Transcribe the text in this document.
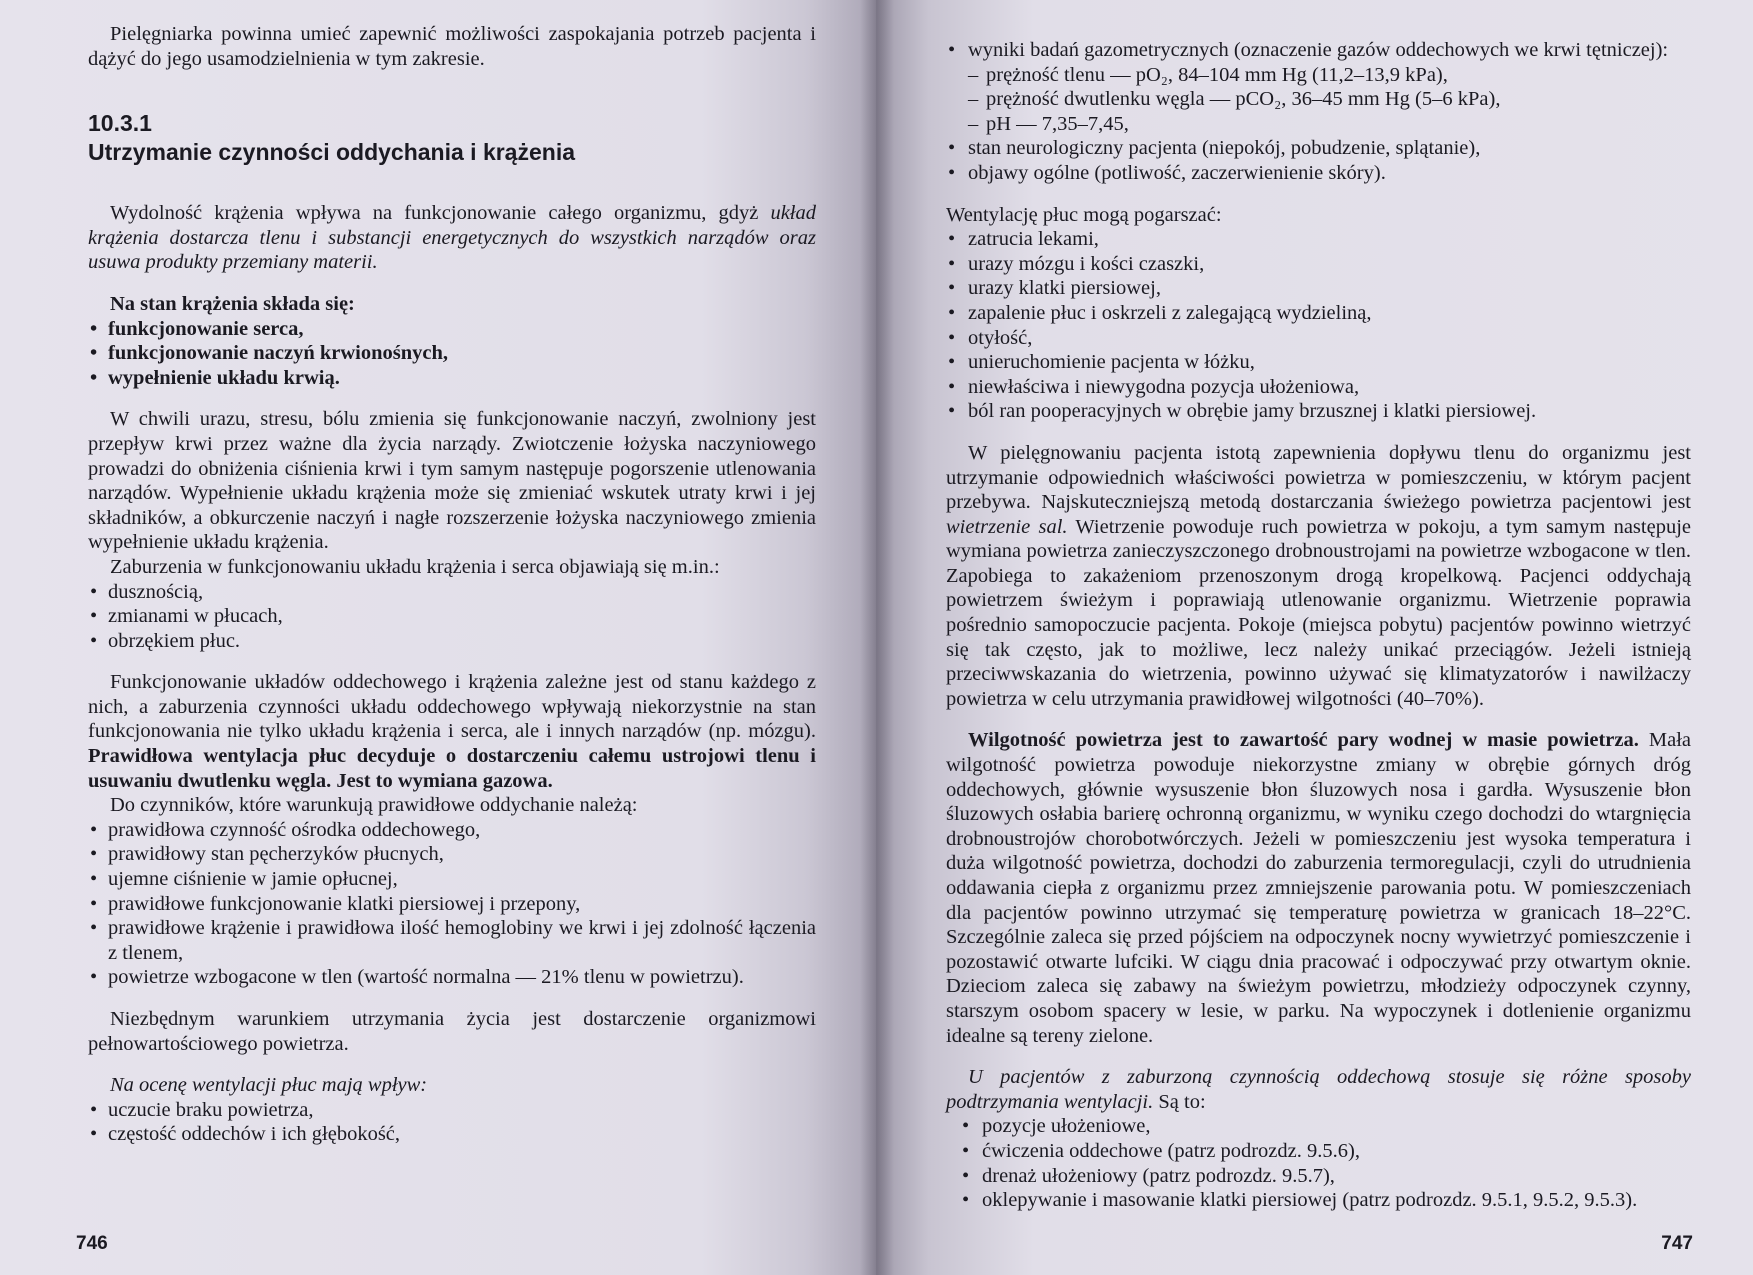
Pielęgniarka powinna umieć zapewnić możliwości zaspokajania potrzeb pacjenta i dążyć do jego usamodzielnienia w tym zakresie.

10.3.1
Utrzymanie czynności oddychania i krążenia

Wydolność krążenia wpływa na funkcjonowanie całego organizmu, gdyż układ krążenia dostarcza tlenu i substancji energetycznych do wszystkich narządów oraz usuwa produkty przemiany materii.

Na stan krążenia składa się:

• funkcjonowanie serca,
• funkcjonowanie naczyń krwionośnych,
• wypełnienie układu krwią.

W chwili urazu, stresu, bólu zmienia się funkcjonowanie naczyń, zwolniony jest przepływ krwi przez ważne dla życia narządy. Zwiotczenie łożyska naczyniowego prowadzi do obniżenia ciśnienia krwi i tym samym następuje pogorszenie utlenowania narządów. Wypełnienie układu krążenia może się zmieniać wskutek utraty krwi i jej składników, a obkurczenie naczyń i nagłe rozszerzenie łożyska naczyniowego zmienia wypełnienie układu krążenia.

Zaburzenia w funkcjonowaniu układu krążenia i serca objawiają się m.in.:

• dusznością,
• zmianami w płucach,
• obrzękiem płuc.

Funkcjonowanie układów oddechowego i krążenia zależne jest od stanu każdego z nich, a zaburzenia czynności układu oddechowego wpływają niekorzystnie na stan funkcjonowania nie tylko układu krążenia i serca, ale i innych narządów (np. mózgu). Prawidłowa wentylacja płuc decyduje o dostarczeniu całemu ustrojowi tlenu i usuwaniu dwutlenku węgla. Jest to wymiana gazowa.

Do czynników, które warunkują prawidłowe oddychanie należą:

• prawidłowa czynność ośrodka oddechowego,
• prawidłowy stan pęcherzyków płucnych,
• ujemne ciśnienie w jamie opłucnej,
• prawidłowe funkcjonowanie klatki piersiowej i przepony,
• prawidłowe krążenie i prawidłowa ilość hemoglobiny we krwi i jej zdolność łączenia z tlenem,
• powietrze wzbogacone w tlen (wartość normalna — 21% tlenu w powietrzu).

Niezbędnym warunkiem utrzymania życia jest dostarczenie organizmowi pełnowartościowego powietrza.

Na ocenę wentylacji płuc mają wpływ:

• uczucie braku powietrza,
• częstość oddechów i ich głębokość,
746
• wyniki badań gazometrycznych (oznaczenie gazów oddechowych we krwi tętniczej):
– prężność tlenu — pO₂, 84–104 mm Hg (11,2–13,9 kPa),
– prężność dwutlenku węgla — pCO₂, 36–45 mm Hg (5–6 kPa),
– pH — 7,35–7,45,
• stan neurologiczny pacjenta (niepokój, pobudzenie, splątanie),
• objawy ogólne (potliwość, zaczerwienienie skóry).

Wentylację płuc mogą pogarszać:

• zatrucia lekami,
• urazy mózgu i kości czaszki,
• urazy klatki piersiowej,
• zapalenie płuc i oskrzeli z zalegającą wydzieliną,
• otyłość,
• unieruchomienie pacjenta w łóżku,
• niewłaściwa i niewygodna pozycja ułożeniowa,
• ból ran pooperacyjnych w obrębie jamy brzusznej i klatki piersiowej.

W pielęgnowaniu pacjenta istotą zapewnienia dopływu tlenu do organizmu jest utrzymanie odpowiednich właściwości powietrza w pomieszczeniu, w którym pacjent przebywa. Najskuteczniejszą metodą dostarczania świeżego powietrza pacjentowi jest wietrzenie sal. Wietrzenie powoduje ruch powietrza w pokoju, a tym samym następuje wymiana powietrza zanieczyszczonego drobnoustrojami na powietrze wzbogacone w tlen. Zapobiega to zakażeniom przenoszonym drogą kropelkową. Pacjenci oddychają powietrzem świeżym i poprawiają utlenowanie organizmu. Wietrzenie poprawia pośrednio samopoczucie pacjenta. Pokoje (miejsca pobytu) pacjentów powinno wietrzyć się tak często, jak to możliwe, lecz należy unikać przeciągów. Jeżeli istnieją przeciwwskazania do wietrzenia, powinno używać się klimatyzatorów i nawilżaczy powietrza w celu utrzymania prawidłowej wilgotności (40–70%).

Wilgotność powietrza jest to zawartość pary wodnej w masie powietrza. Mała wilgotność powietrza powoduje niekorzystne zmiany w obrębie górnych dróg oddechowych, głównie wysuszenie błon śluzowych nosa i gardła. Wysuszenie błon śluzowych osłabia barierę ochronną organizmu, w wyniku czego dochodzi do wtargnięcia drobnoustrojów chorobotwórczych. Jeżeli w pomieszczeniu jest wysoka temperatura i duża wilgotność powietrza, dochodzi do zaburzenia termoregulacji, czyli do utrudnienia oddawania ciepła z organizmu przez zmniejszenie parowania potu. W pomieszczeniach dla pacjentów powinno utrzymać się temperaturę powietrza w granicach 18–22°C. Szczególnie zaleca się przed pójściem na odpoczynek nocny wywietrzyć pomieszczenie i pozostawić otwarte lufciki. W ciągu dnia pracować i odpoczywać przy otwartym oknie. Dzieciom zaleca się zabawy na świeżym powietrzu, młodzieży odpoczynek czynny, starszym osobom spacery w lesie, w parku. Na wypoczynek i dotlenienie organizmu idealne są tereny zielone.

U pacjentów z zaburzoną czynnością oddechową stosuje się różne sposoby podtrzymania wentylacji. Są to:

• pozycje ułożeniowe,
• ćwiczenia oddechowe (patrz podrozdz. 9.5.6),
• drenaż ułożeniowy (patrz podrozdz. 9.5.7),
• oklepywanie i masowanie klatki piersiowej (patrz podrozdz. 9.5.1, 9.5.2, 9.5.3).
747
